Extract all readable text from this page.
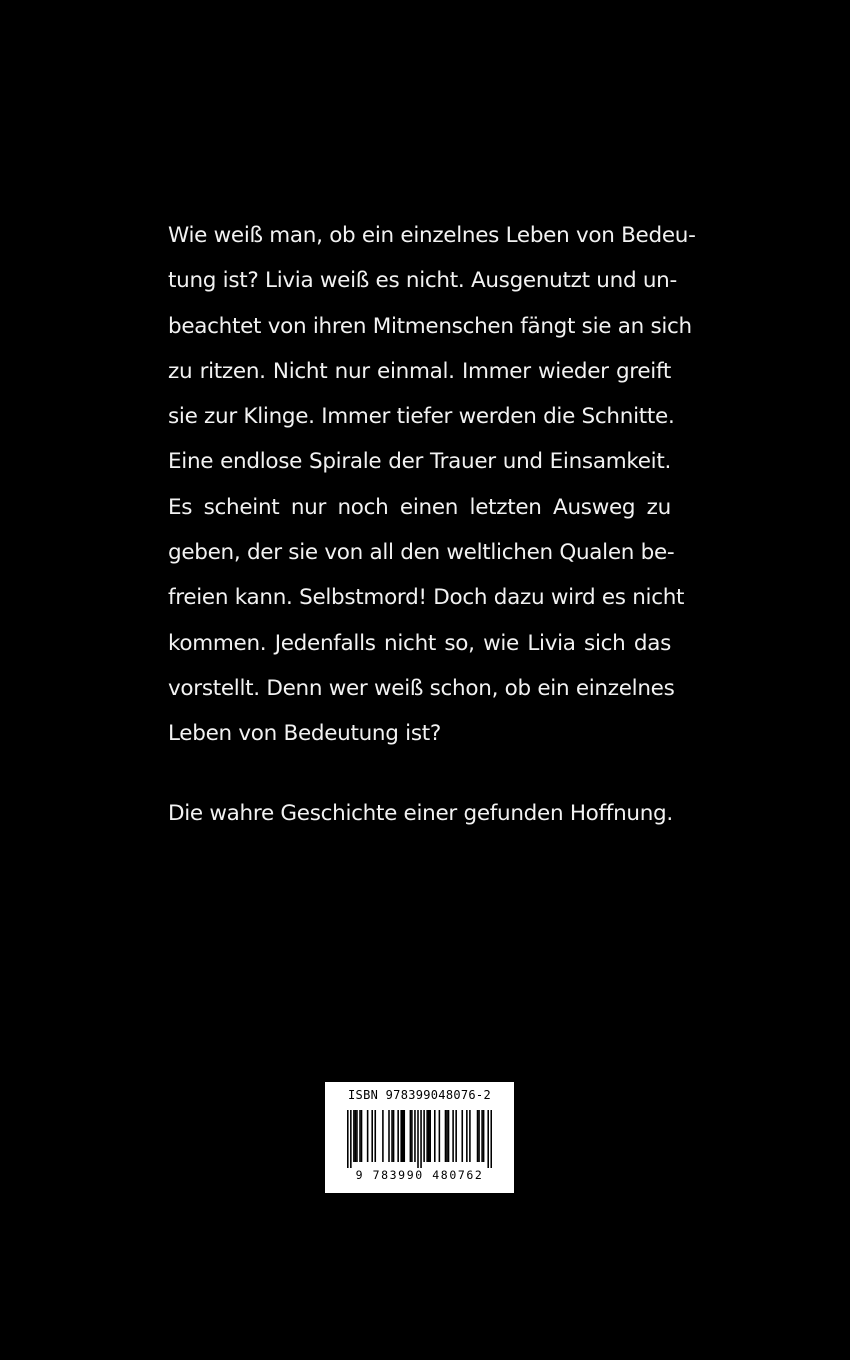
Wie weiß man, ob ein einzelnes Leben von Bedeu-
tung ist? Livia weiß es nicht. Ausgenutzt und un-
beachtet von ihren Mitmenschen fängt sie an sich
zu ritzen. Nicht nur einmal. Immer wieder greift
sie zur Klinge. Immer tiefer werden die Schnitte.
Eine endlose Spirale der Trauer und Einsamkeit.
Es scheint nur noch einen letzten Ausweg zu
geben, der sie von all den weltlichen Qualen be-
freien kann. Selbstmord! Doch dazu wird es nicht
kommen. Jedenfalls nicht so, wie Livia sich das
vorstellt. Denn wer weiß schon, ob ein einzelnes
Leben von Bedeutung ist?
Die wahre Geschichte einer gefunden Hoffnung.
ISBN 978399048076-2
9 783990 480762
